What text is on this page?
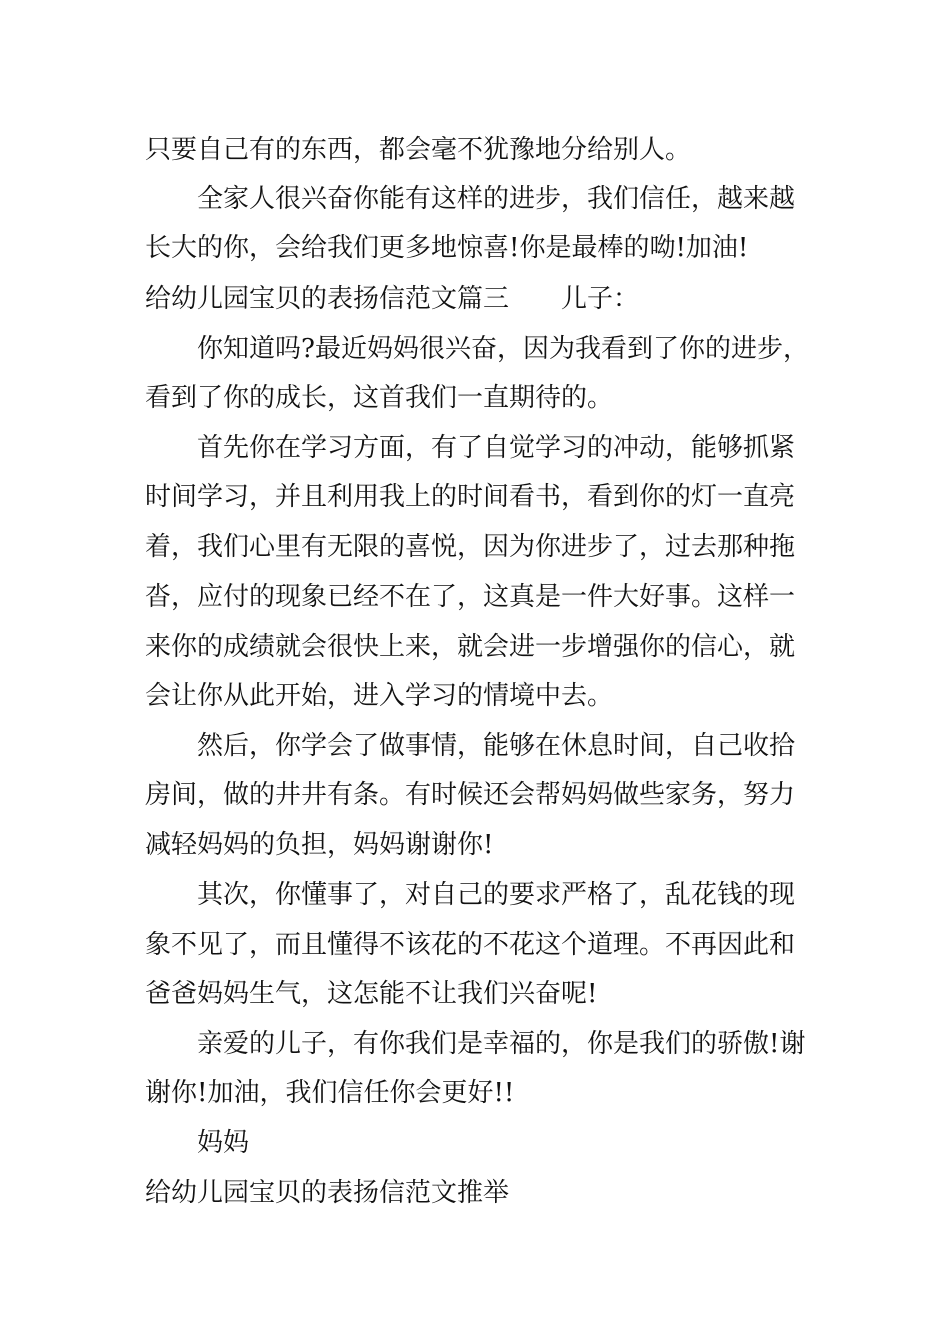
只要自己有的东西，都会毫不犹豫地分给别人。
全家人很兴奋你能有这样的进步，我们信任，越来越
长大的你，会给我们更多地惊喜!你是最棒的呦!加油!
给幼儿园宝贝的表扬信范文篇三　　儿子：
你知道吗?最近妈妈很兴奋，因为我看到了你的进步，
看到了你的成长，这首我们一直期待的。
首先你在学习方面，有了自觉学习的冲动，能够抓紧
时间学习，并且利用我上的时间看书，看到你的灯一直亮
着，我们心里有无限的喜悦，因为你进步了，过去那种拖
沓，应付的现象已经不在了，这真是一件大好事。这样一
来你的成绩就会很快上来，就会进一步增强你的信心，就
会让你从此开始，进入学习的情境中去。
然后，你学会了做事情，能够在休息时间，自己收拾
房间，做的井井有条。有时候还会帮妈妈做些家务，努力
减轻妈妈的负担，妈妈谢谢你!
其次，你懂事了，对自己的要求严格了，乱花钱的现
象不见了，而且懂得不该花的不花这个道理。不再因此和
爸爸妈妈生气，这怎能不让我们兴奋呢!
亲爱的儿子，有你我们是幸福的，你是我们的骄傲!谢
谢你!加油，我们信任你会更好!!
妈妈
给幼儿园宝贝的表扬信范文推举
